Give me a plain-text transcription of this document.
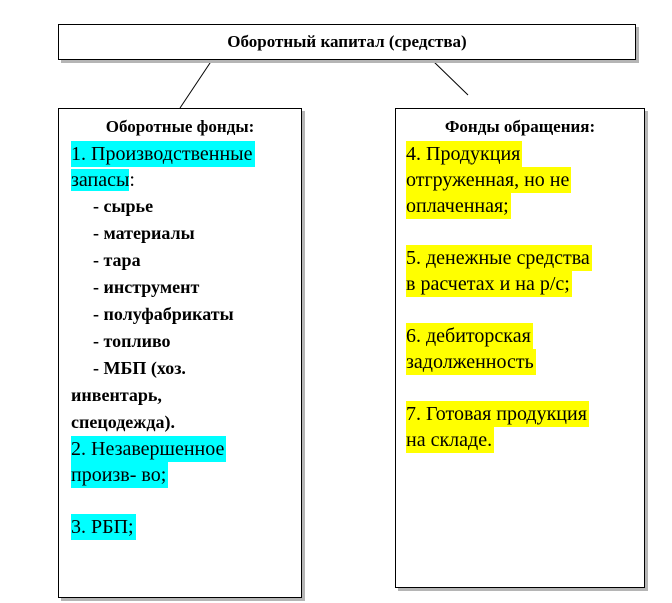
Оборотный капитал (средства)
Оборотные фонды:
1. Производственные
запасы:
- сырье
- материалы
- тара
- инструмент
- полуфабрикаты
- топливо
- МБП (хоз.
инвентарь,
спецодежда).
2. Незавершенное
произв- во;
3. РБП;
Фонды обращения:
4. Продукция
отгруженная, но не
оплаченная;
5. денежные средства
в расчетах и на р/с;
6. дебиторская
задолженность
7. Готовая продукция
на складе.
